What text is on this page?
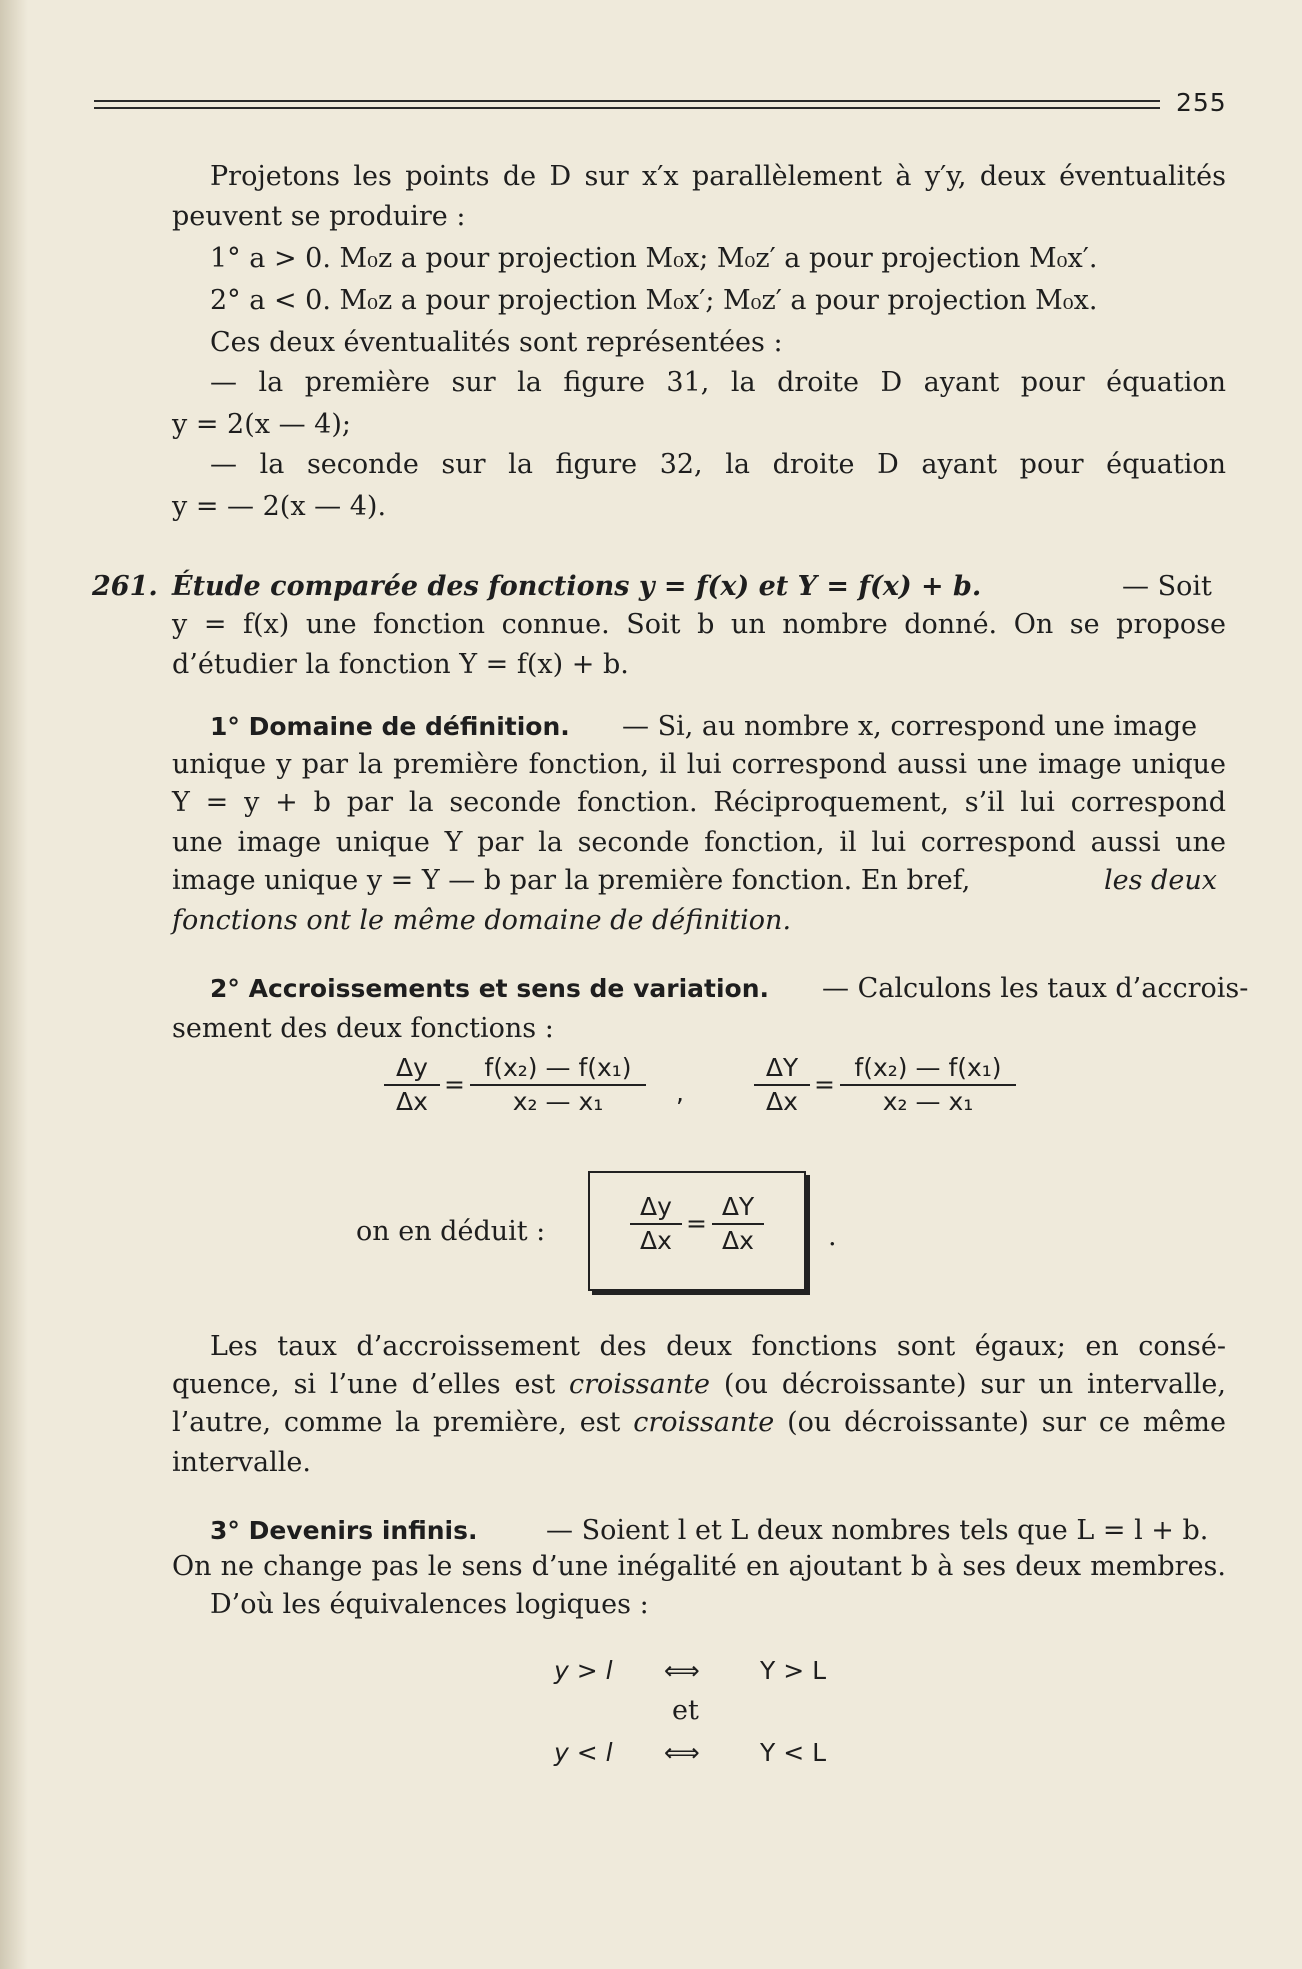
255
Projetons les points de D sur x′x parallèlement à y′y, deux éventualités
peuvent se produire :
1° a > 0. M₀z a pour projection M₀x; M₀z′ a pour projection M₀x′.
2° a < 0. M₀z a pour projection M₀x′; M₀z′ a pour projection M₀x.
Ces deux éventualités sont représentées :
— la première sur la figure 31, la droite D ayant pour équation
y = 2(x — 4);
— la seconde sur la figure 32, la droite D ayant pour équation
y = — 2(x — 4).
261. Étude comparée des fonctions y = f(x) et Y = f(x) + b.	— Soit
y = f(x) une fonction connue. Soit b un nombre donné. On se propose
d’étudier la fonction Y = f(x) + b.
1° Domaine de définition. — Si, au nombre x, correspond une image
unique y par la première fonction, il lui correspond aussi une image unique
Y = y + b par la seconde fonction. Réciproquement, s’il lui correspond
une image unique Y par la seconde fonction, il lui correspond aussi une
image unique y = Y — b par la première fonction. En bref,	les deux
fonctions ont le même domaine de définition.
2° Accroissements et sens de variation. — Calculons les taux d’accrois-
sement des deux fonctions :
$\frac{\Delta y}{\Delta x} = \frac{\text{f(x₂) — f(x₁)}}{\text{x₂ — x₁}}$ ,	$\frac{\Delta Y}{\Delta x} = \frac{\text{f(x₂) — f(x₁)}}{\text{x₂ — x₁}}$
on en déduit :	$\frac{\Delta y}{\Delta x} = \frac{\Delta Y}{\Delta x}$ .
Les taux d’accroissement des deux fonctions sont égaux; en consé-
quence, si l’une d’elles est croissante (ou décroissante) sur un intervalle,
l’autre, comme la première, est croissante (ou décroissante) sur ce même
intervalle.
3° Devenirs infinis.	— Soient l et L deux nombres tels que L = l + b.
On ne change pas le sens d’une inégalité en ajoutant b à ses deux membres.
D’où les équivalences logiques :
y > l ⟺ Y > L
et
y < l ⟺ Y < L
